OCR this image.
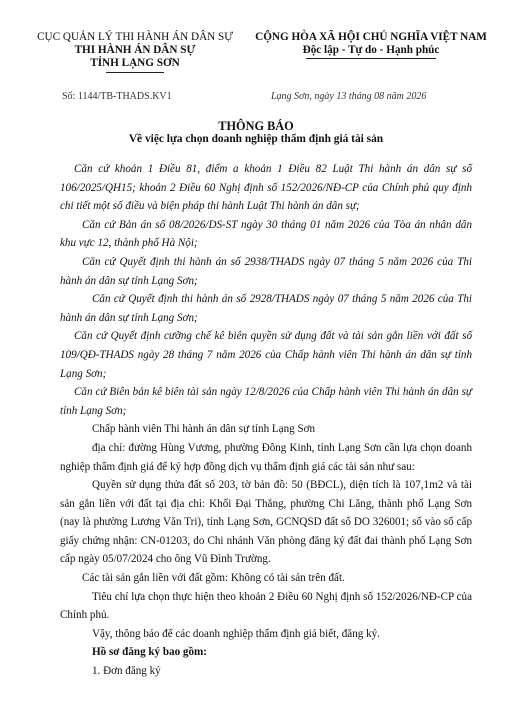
CỤC QUẢN LÝ THI HÀNH ÁN DÂN SỰ
THI HÀNH ÁN DÂN SỰ
TỈNH LẠNG SƠN
CỘNG HÒA XÃ HỘI CHỦ NGHĨA VIỆT NAM
Độc lập - Tự do - Hạnh phúc
Số: 1144/TB-THADS.KV1	Lạng Sơn, ngày 13 tháng 08 năm 2026
THÔNG BÁO
Về việc lựa chọn doanh nghiệp thẩm định giá tài sản

Căn cứ khoản 1 Điều 81, điểm a khoản 1 Điều 82 Luật Thi hành án dân sự số 106/2025/QH15; khoản 2 Điều 60 Nghị định số 152/2026/NĐ-CP của Chính phủ quy định chi tiết một số điều và biện pháp thi hành Luật Thi hành án dân sự;

Căn cứ Bản án số 08/2026/DS-ST ngày 30 tháng 01 năm 2026 của Tòa án nhân dân khu vực 12, thành phố Hà Nội;

Căn cứ Quyết định thi hành án số 2938/THADS ngày 07 tháng 5 năm 2026 của Thi hành án dân sự tỉnh Lạng Sơn;

Căn cứ Quyết định thi hành án số 2928/THADS ngày 07 tháng 5 năm 2026 của Thi hành án dân sự tỉnh Lạng Sơn;

Căn cứ Quyết định cưỡng chế kê biên quyền sử dụng đất và tài sản gắn liền với đất số 109/QĐ-THADS ngày 28 tháng 7 năm 2026 của Chấp hành viên Thi hành án dân sự tỉnh Lạng Sơn;

Căn cứ Biên bản kê biên tài sản ngày 12/8/2026 của Chấp hành viên Thi hành án dân sự tỉnh Lạng Sơn;

Chấp hành viên Thi hành án dân sự tỉnh Lạng Sơn

địa chỉ: đường Hùng Vương, phường Đông Kinh, tỉnh Lạng Sơn cần lựa chọn doanh nghiệp thẩm định giá để ký hợp đồng dịch vụ thẩm định giá các tài sản như sau:

Quyền sử dụng thửa đất số 203, tờ bản đồ: 50 (BĐCL), diện tích là 107,1m2 và tài sản gắn liền với đất tại địa chỉ: Khối Đại Thắng, phường Chi Lăng, thành phố Lạng Sơn (nay là phường Lương Văn Tri), tỉnh Lạng Sơn, GCNQSD đất số DO 326001; số vào sổ cấp giấy chứng nhận: CN-01203, do Chi nhánh Văn phòng đăng ký đất đai thành phố Lạng Sơn cấp ngày 05/07/2024 cho ông Vũ Đình Trường.

Các tài sản gắn liền với đất gồm: Không có tài sản trên đất.

Tiêu chí lựa chọn thực hiện theo khoản 2 Điều 60 Nghị định số 152/2026/NĐ-CP của Chính phủ.

Vậy, thông báo để các doanh nghiệp thẩm định giá biết, đăng ký.

Hồ sơ đăng ký bao gồm:

1. Đơn đăng ký
